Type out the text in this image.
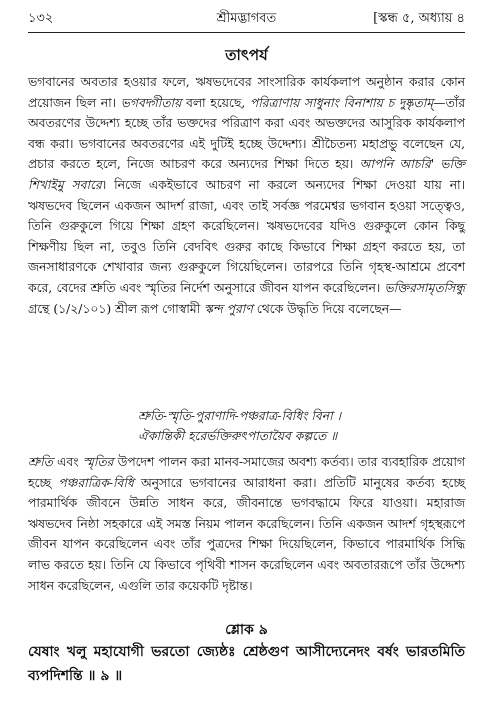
১৩২	শ্রীমদ্ভাগবত	[স্কন্ধ ৫, অধ্যায় ৪
তাৎপর্য

ভগবানের অবতার হওয়ার ফলে, ঋষভদেবের সাংসারিক কার্যকলাপ অনুষ্ঠান করার কোন প্রয়োজন ছিল না। ভগবদ্গীতায় বলা হয়েছে, পরিত্রাণায় সাধুনাং বিনাশায় চ দুষ্কৃতাম্—তাঁর অবতরণের উদ্দেশ্য হচ্ছে তাঁর ভক্তদের পরিত্রাণ করা এবং অভক্তদের আসুরিক কার্যকলাপ বন্ধ করা। ভগবানের অবতরণের এই দুটিই হচ্ছে উদ্দেশ্য। শ্রীচৈতন্য মহাপ্রভু বলেছেন যে, প্রচার করতে হলে, নিজে আচরণ করে অন্যদের শিক্ষা দিতে হয়। আপনি আচরি' ভক্তি শিখাইমু সবারে। নিজে একইভাবে আচরণ না করলে অন্যদের শিক্ষা দেওয়া যায় না। ঋষভদেব ছিলেন একজন আদর্শ রাজা, এবং তাই সর্বজ্ঞ পরমেশ্বর ভগবান হওয়া সত্ত্বেও, তিনি গুরুকুলে গিয়ে শিক্ষা গ্রহণ করেছিলেন। ঋষভদেবের যদিও গুরুকুলে কোন কিছু শিক্ষণীয় ছিল না, তবুও তিনি বেদবিৎ গুরুর কাছে কিভাবে শিক্ষা গ্রহণ করতে হয়, তা জনসাধারণকে শেখাবার জন্য গুরুকুলে গিয়েছিলেন। তারপরে তিনি গৃহস্থ-আশ্রমে প্রবেশ করে, বেদের শ্রুতি এবং স্মৃতির নির্দেশ অনুসারে জীবন যাপন করেছিলেন। ভক্তিরসামৃতসিন্ধু গ্রন্থে (১/২/১০১) শ্রীল রূপ গোস্বামী স্কন্দ পুরাণ থেকে উদ্ধৃতি দিয়ে বলেছেন—

শ্রুতি-স্মৃতি-পুরাণাদি-পঞ্চরাত্র-বিধিং বিনা ।
ঐকান্তিকী হরের্ভক্তিরুৎপাতায়ৈব কল্পতে ॥

শ্রুতি এবং স্মৃতির উপদেশ পালন করা মানব-সমাজের অবশ্য কর্তব্য। তার ব্যবহারিক প্রয়োগ হচ্ছে পঞ্চরাত্রিক-বিধি অনুসারে ভগবানের আরাধনা করা। প্রতিটি মানুষের কর্তব্য হচ্ছে পারমার্থিক জীবনে উন্নতি সাধন করে, জীবনান্তে ভগবদ্ধামে ফিরে যাওয়া। মহারাজ ঋষভদেব নিষ্ঠা সহকারে এই সমস্ত নিয়ম পালন করেছিলেন। তিনি একজন আদর্শ গৃহস্থরূপে জীবন যাপন করেছিলেন এবং তাঁর পুত্রদের শিক্ষা দিয়েছিলেন, কিভাবে পারমার্থিক সিদ্ধি লাভ করতে হয়। তিনি যে কিভাবে পৃথিবী শাসন করেছিলেন এবং অবতাররূপে তাঁর উদ্দেশ্য সাধন করেছিলেন, এগুলি তার কয়েকটি দৃষ্টান্ত।

শ্লোক ৯

যেষাং খলু মহাযোগী ভরতো জ্যেষ্ঠঃ শ্রেষ্ঠগুণ আসীদ্যেনেদং বর্ষং ভারতমিতি ব্যপদিশন্তি ॥ ৯ ॥
